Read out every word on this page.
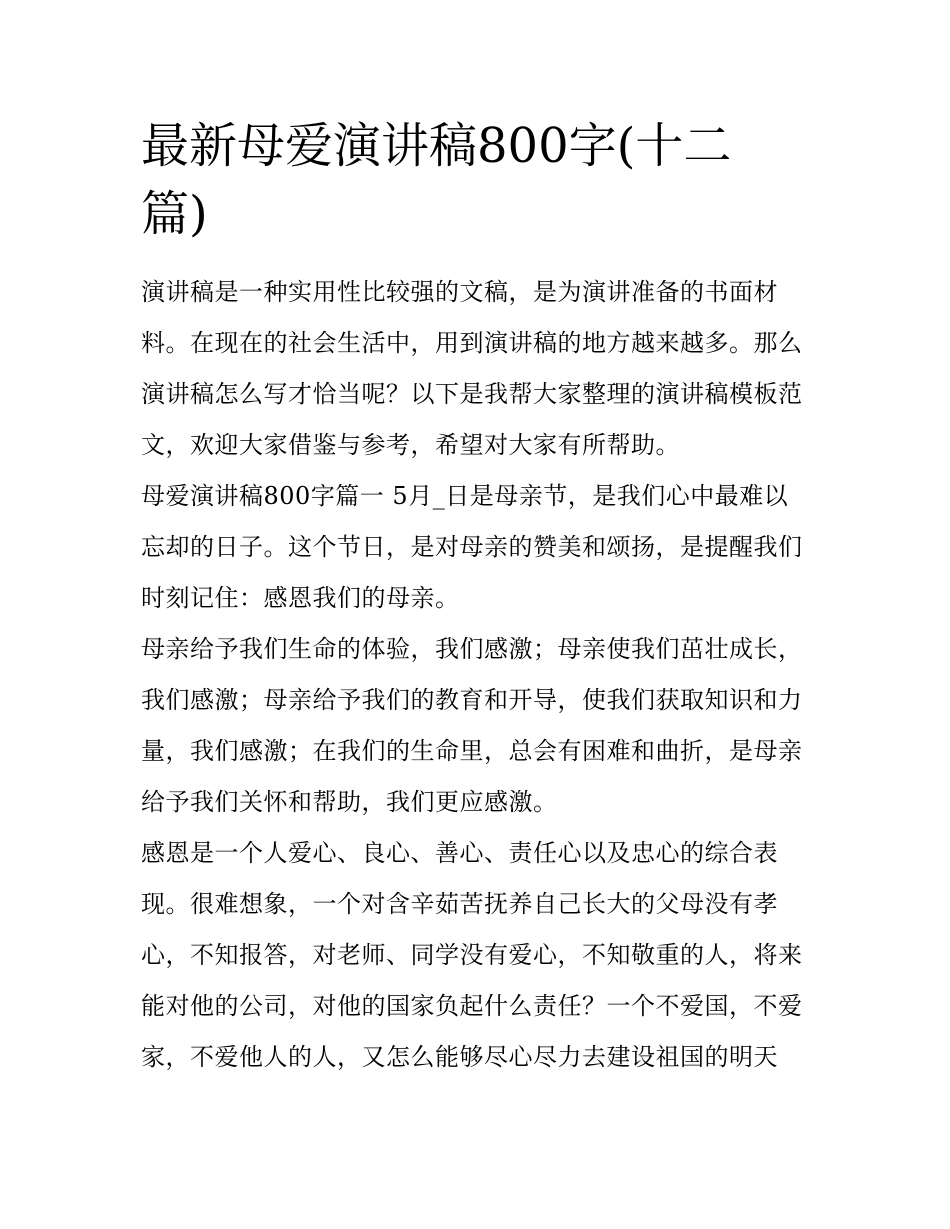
最新母爱演讲稿800字(十二
篇)
演讲稿是一种实用性比较强的文稿，是为演讲准备的书面材
料。在现在的社会生活中，用到演讲稿的地方越来越多。那么
演讲稿怎么写才恰当呢？以下是我帮大家整理的演讲稿模板范
文，欢迎大家借鉴与参考，希望对大家有所帮助。
母爱演讲稿800字篇一 5月_日是母亲节，是我们心中最难以
忘却的日子。这个节日，是对母亲的赞美和颂扬，是提醒我们
时刻记住：感恩我们的母亲。
母亲给予我们生命的体验，我们感激；母亲使我们茁壮成长，
我们感激；母亲给予我们的教育和开导，使我们获取知识和力
量，我们感激；在我们的生命里，总会有困难和曲折，是母亲
给予我们关怀和帮助，我们更应感激。
感恩是一个人爱心、良心、善心、责任心以及忠心的综合表
现。很难想象，一个对含辛茹苦抚养自己长大的父母没有孝
心，不知报答，对老师、同学没有爱心，不知敬重的人，将来
能对他的公司，对他的国家负起什么责任？一个不爱国，不爱
家，不爱他人的人，又怎么能够尽心尽力去建设祖国的明天
